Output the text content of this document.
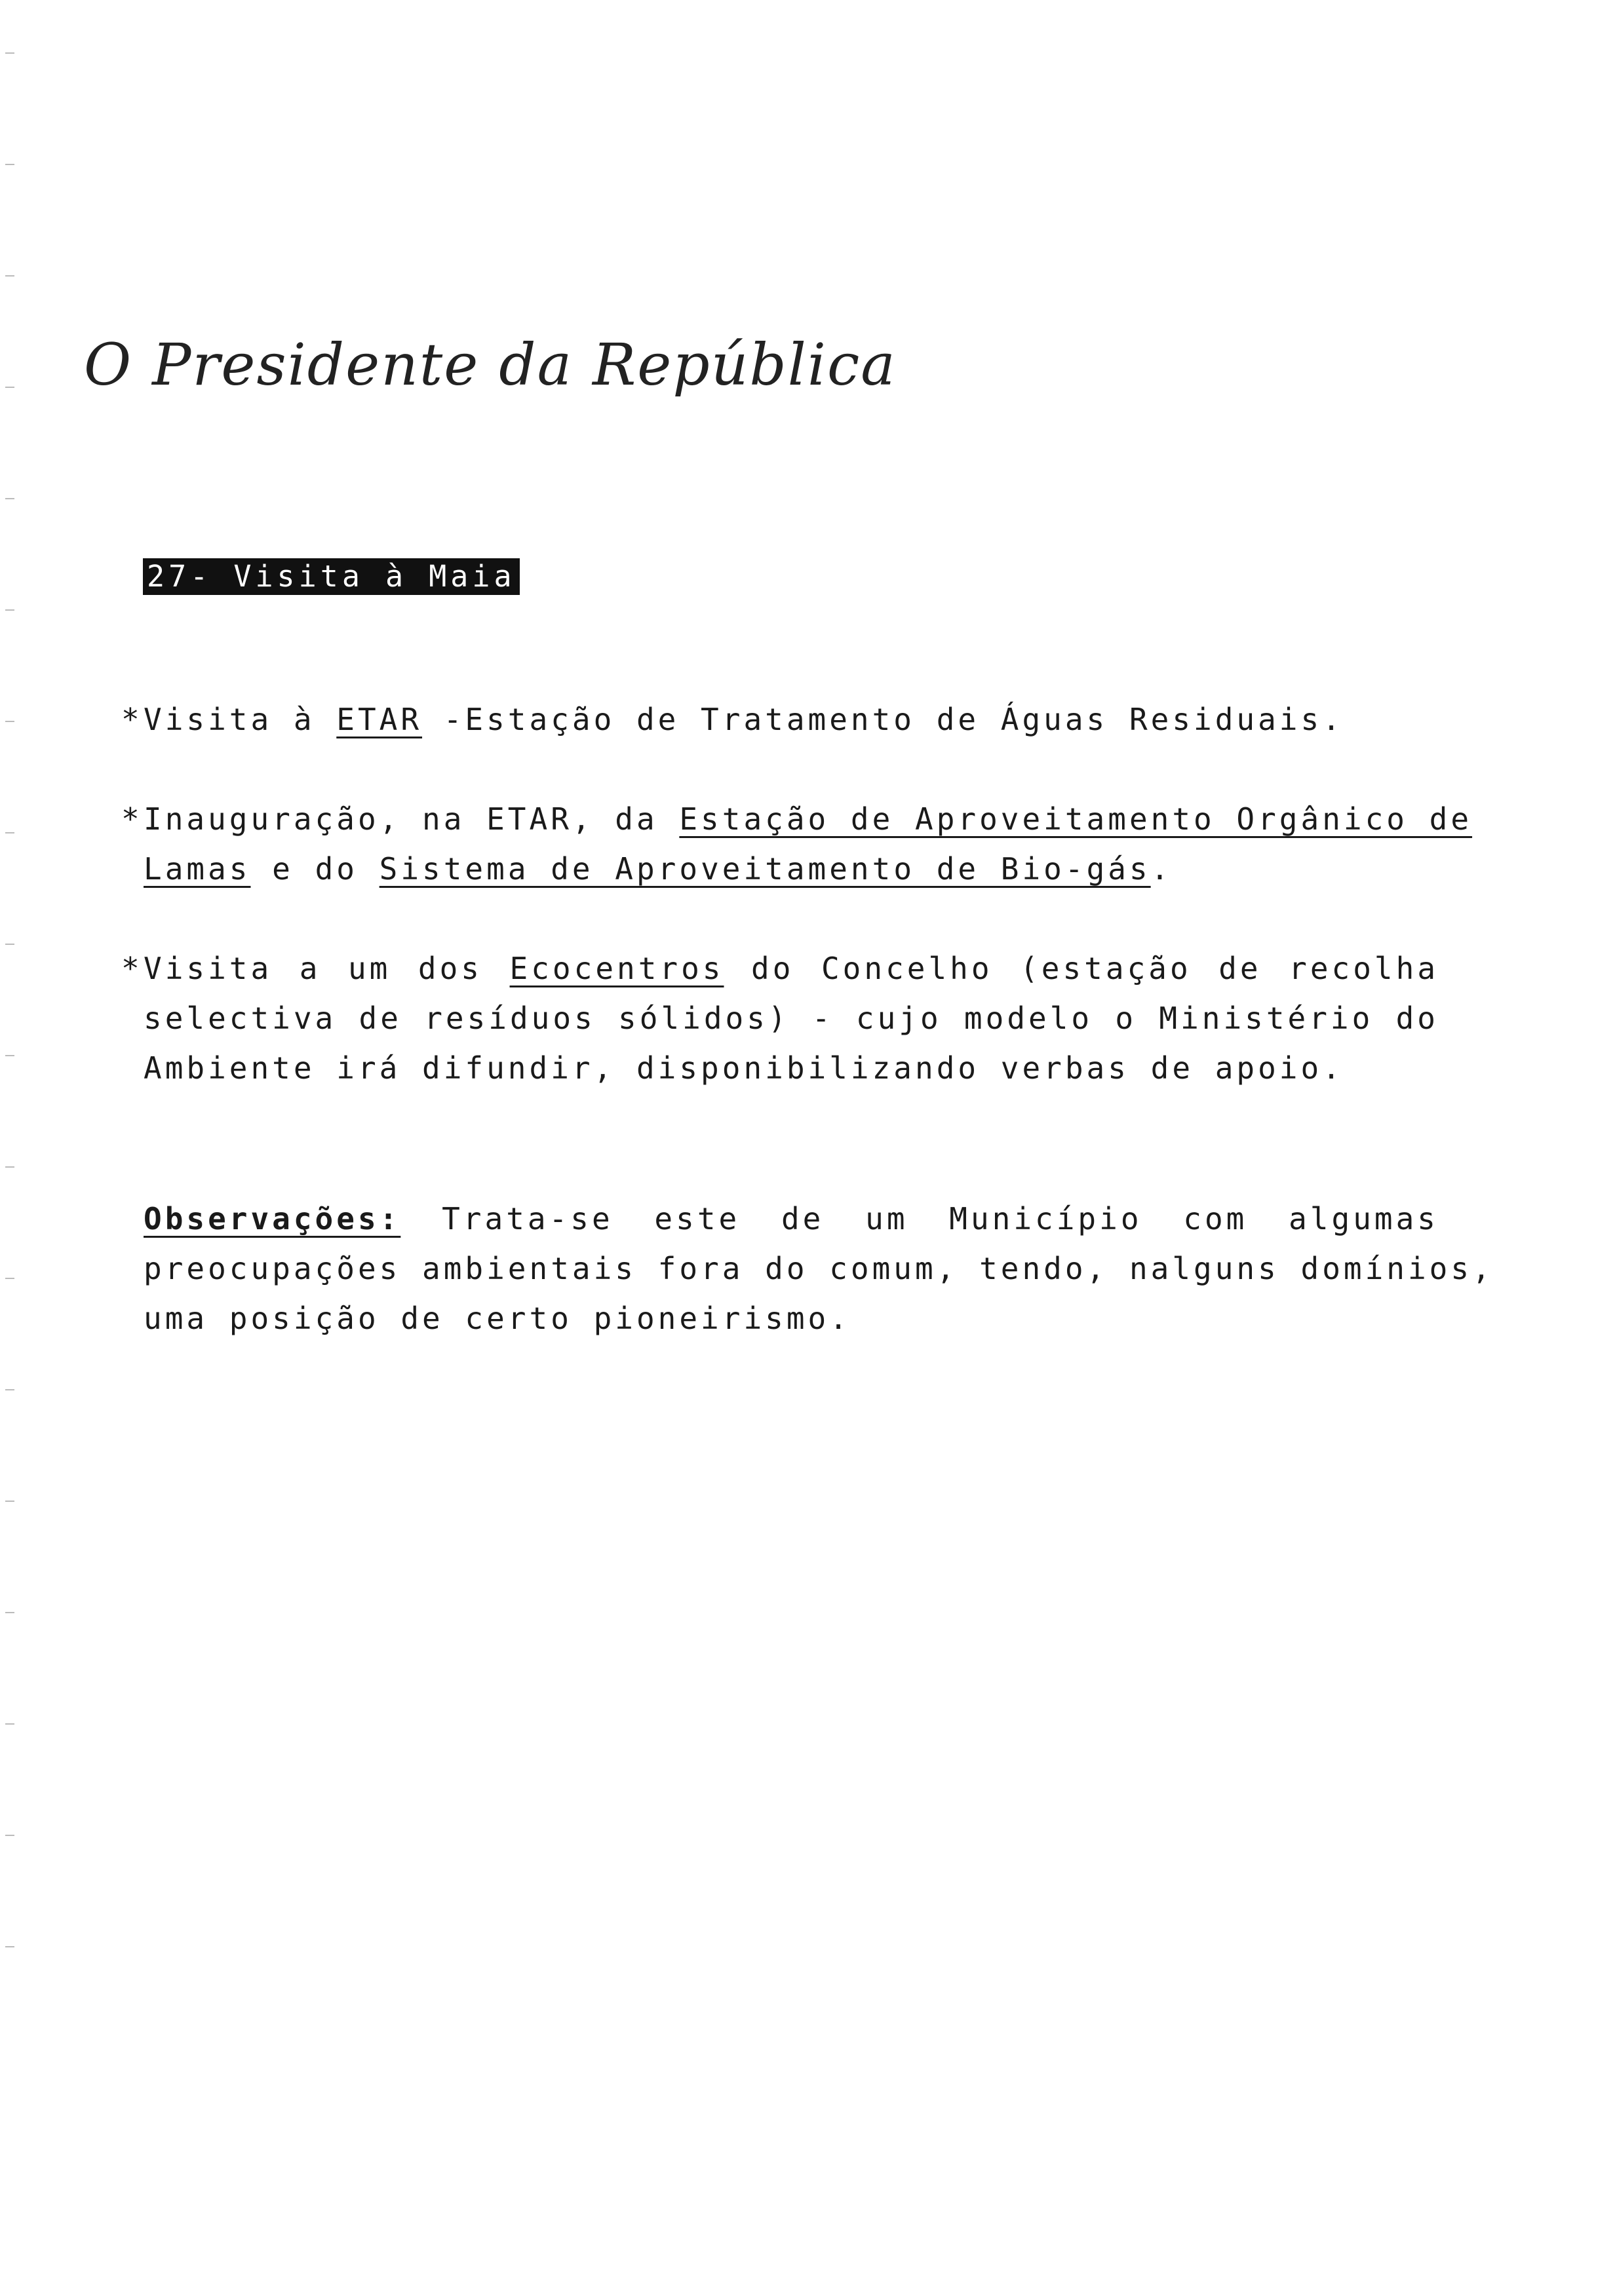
O Presidente da República
27- Visita à Maia
*Visita à ETAR -Estação de Tratamento de Águas Residuais.
*Inauguração, na ETAR, da Estação de Aproveitamento Orgânico de
Lamas e do Sistema de Aproveitamento de Bio-gás.
*Visita a um dos Ecocentros do Concelho (estação de recolha
selectiva de resíduos sólidos) - cujo modelo o Ministério do
Ambiente irá difundir, disponibilizando verbas de apoio.
Observações: Trata-se este de um Município com algumas
preocupações ambientais fora do comum, tendo, nalguns domínios,
uma posição de certo pioneirismo.
